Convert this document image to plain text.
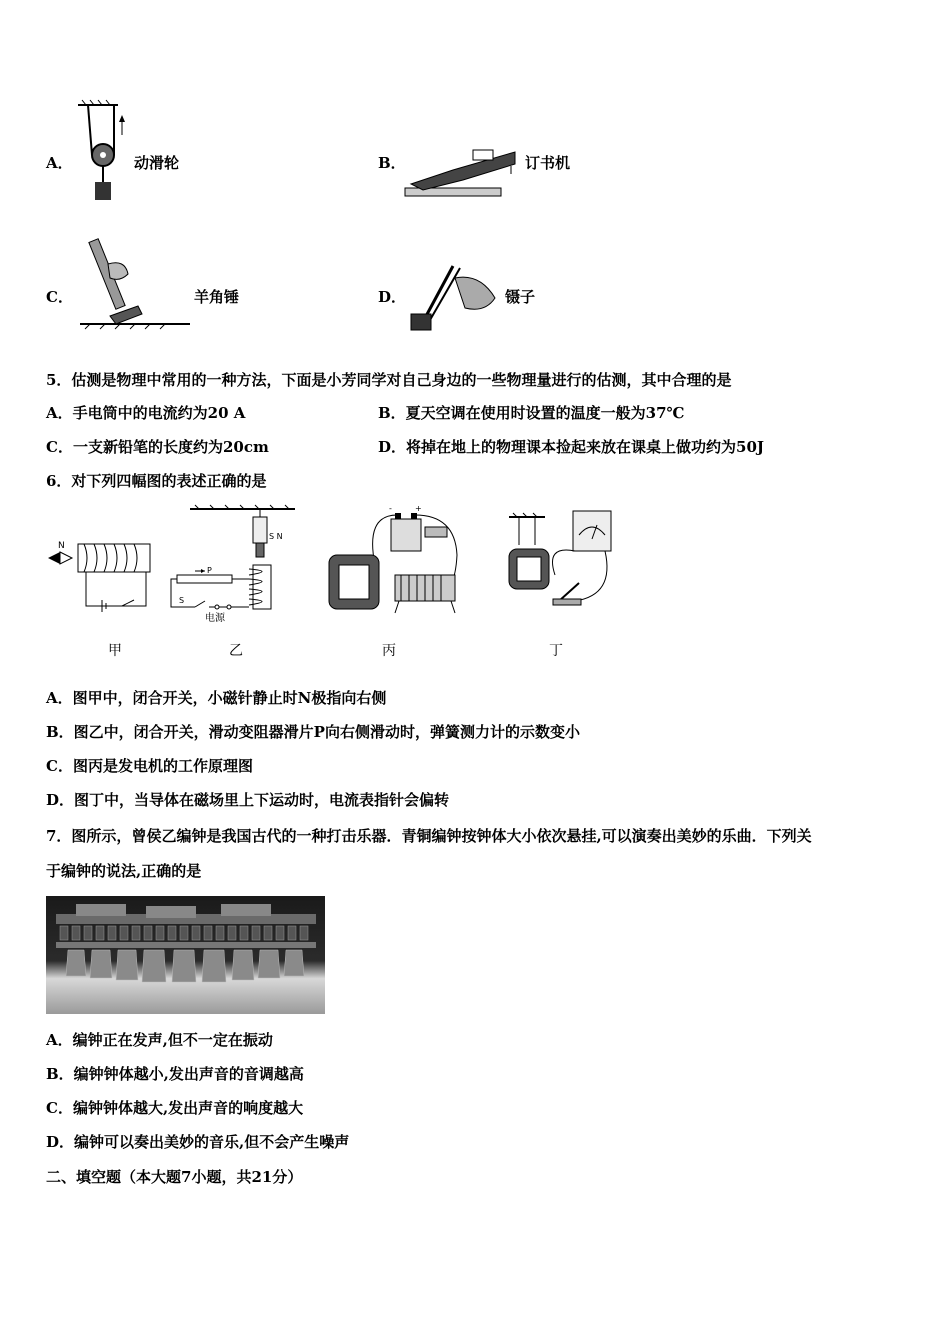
A．	动滑轮	B．	订书机
C．	羊角锤	D．	镊子
5．估测是物理中常用的一种方法，下面是小芳同学对自己身边的一些物理量进行的估测，其中合理的是
A．手电筒中的电流约为20 A	B．夏天空调在使用时设置的温度一般为37℃
C．一支新铅笔的长度约为20cm	D．将掉在地上的物理课本捡起来放在课桌上做功约为50J
6．对下列四幅图的表述正确的是
N
甲
S N
P
S
电源
乙
-	+
丙	丁
A．图甲中，闭合开关，小磁针静止时N极指向右侧
B．图乙中，闭合开关，滑动变阻器滑片P向右侧滑动时，弹簧测力计的示数变小
C．图丙是发电机的工作原理图
D．图丁中，当导体在磁场里上下运动时，电流表指针会偏转
7．图所示，曾侯乙编钟是我国古代的一种打击乐器．青铜编钟按钟体大小依次悬挂,可以演奏出美妙的乐曲．下列关
于编钟的说法,正确的是
A．编钟正在发声,但不一定在振动
B．编钟钟体越小,发出声音的音调越高
C．编钟钟体越大,发出声音的响度越大
D．编钟可以奏出美妙的音乐,但不会产生噪声
二、填空题（本大题7小题，共21分）
